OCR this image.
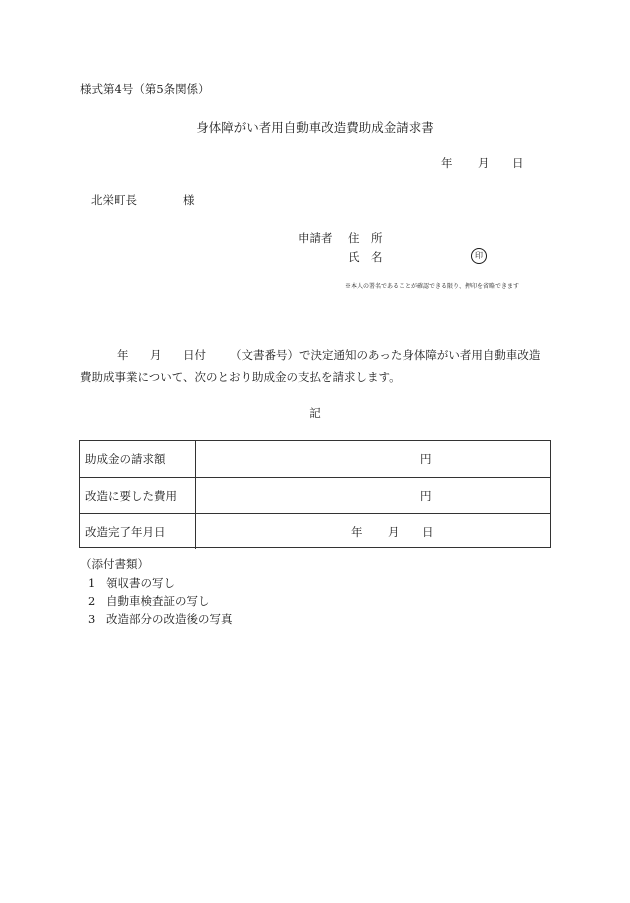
様式第4号（第5条関係）
身体障がい者用自動車改造費助成金請求書
年 月 日
北栄町長	様
申請者 住　所
氏　名	印
※本人の署名であることが確認できる限り、押印を省略できます
年 月 日付 （文書番号）で決定通知のあった身体障がい者用自動車改造
費助成事業について、次のとおり助成金の支払を請求します。
記
助成金の請求額	円
改造に要した費用	円
改造完了年月日	年 月 日
（添付書類）
1 領収書の写し
2 自動車検査証の写し
3 改造部分の改造後の写真
